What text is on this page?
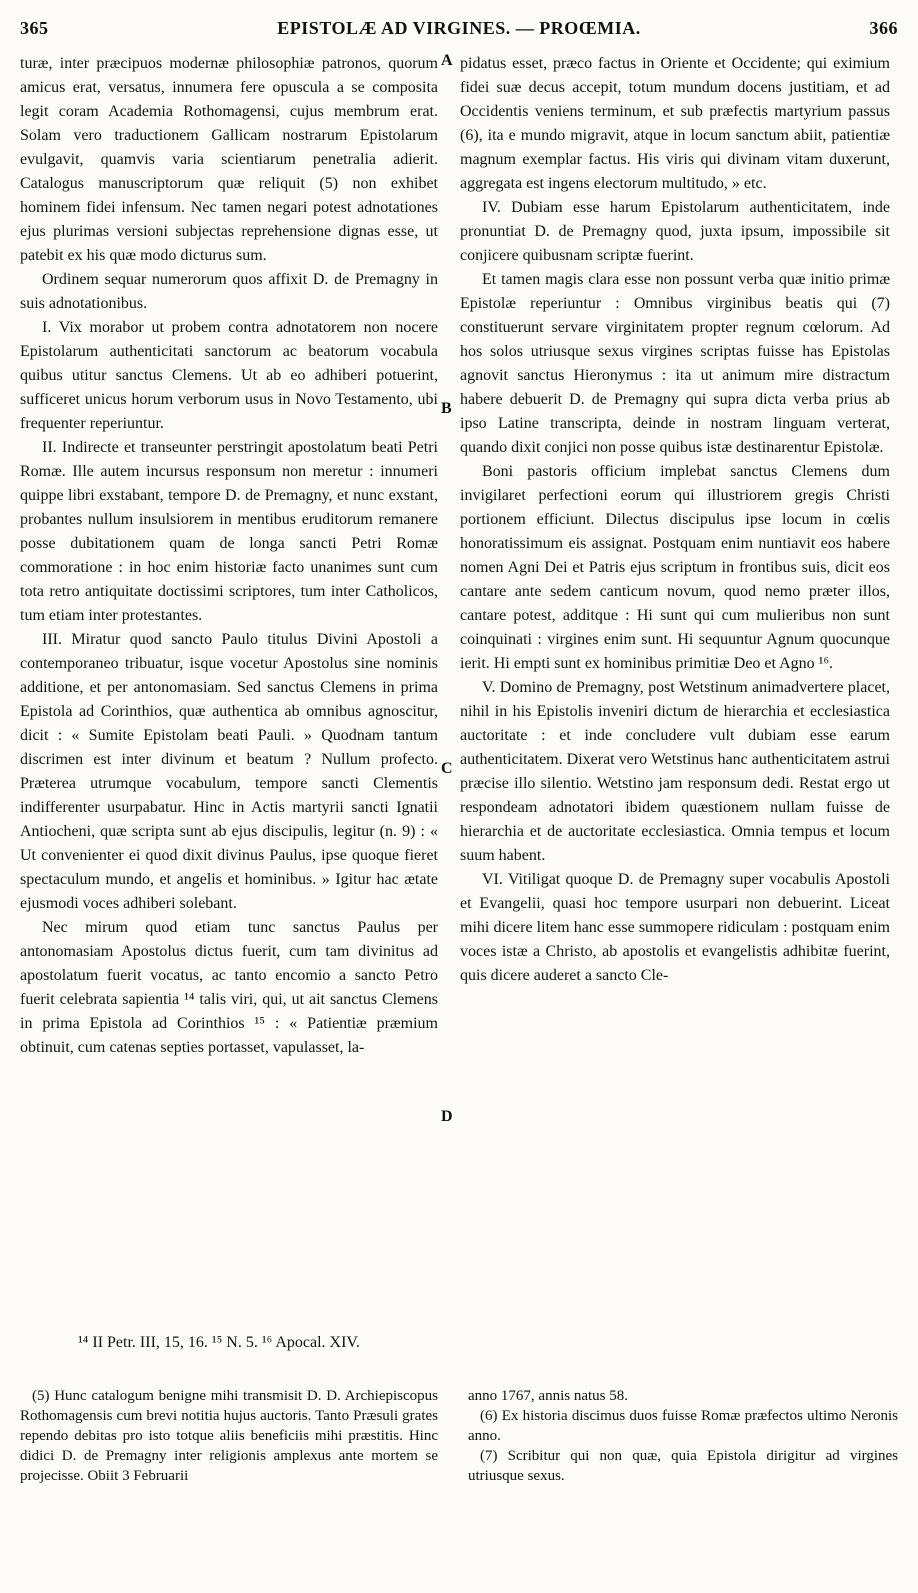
365	EPISTOLÆ AD VIRGINES. — PROŒMIA.	366

turæ, inter præcipuos modernæ philosophiæ patronos, quorum amicus erat, versatus, innumera fere opuscula a se composita legit coram Academia Rothomagensi, cujus membrum erat. Solam vero traductionem Gallicam nostrarum Epistolarum evulgavit, quamvis varia scientiarum penetralia adierit. Catalogus manuscriptorum quæ reliquit (5) non exhibet hominem fidei infensum. Nec tamen negari potest adnotationes ejus plurimas versioni subjectas reprehensione dignas esse, ut patebit ex his quæ modo dicturus sum.

Ordinem sequar numerorum quos affixit D. de Premagny in suis adnotationibus.

I. Vix morabor ut probem contra adnotatorem non nocere Epistolarum authenticitati sanctorum ac beatorum vocabula quibus utitur sanctus Clemens. Ut ab eo adhiberi potuerint, sufficeret unicus horum verborum usus in Novo Testamento, ubi frequenter reperiuntur.

II. Indirecte et transeunter perstringit apostolatum beati Petri Romæ. Ille autem incursus responsum non meretur : innumeri quippe libri exstabant, tempore D. de Premagny, et nunc exstant, probantes nullum insulsiorem in mentibus eruditorum remanere posse dubitationem quam de longa sancti Petri Romæ commoratione : in hoc enim historiæ facto unanimes sunt cum tota retro antiquitate doctissimi scriptores, tum inter Catholicos, tum etiam inter protestantes.

III. Miratur quod sancto Paulo titulus Divini Apostoli a contemporaneo tribuatur, isque vocetur Apostolus sine nominis additione, et per antonomasiam. Sed sanctus Clemens in prima Epistola ad Corinthios, quæ authentica ab omnibus agnoscitur, dicit : « Sumite Epistolam beati Pauli. » Quodnam tantum discrimen est inter divinum et beatum ? Nullum profecto. Præterea utrumque vocabulum, tempore sancti Clementis indifferenter usurpabatur. Hinc in Actis martyrii sancti Ignatii Antiocheni, quæ scripta sunt ab ejus discipulis, legitur (n. 9) : « Ut convenienter ei quod dixit divinus Paulus, ipse quoque fieret spectaculum mundo, et angelis et hominibus. » Igitur hac ætate ejusmodi voces adhiberi solebant.

Nec mirum quod etiam tunc sanctus Paulus per antonomasiam Apostolus dictus fuerit, cum tam divinitus ad apostolatum fuerit vocatus, ac tanto encomio a sancto Petro fuerit celebrata sapientia ¹⁴ talis viri, qui, ut ait sanctus Clemens in prima Epistola ad Corinthios ¹⁵ : « Patientiæ præmium obtinuit, cum catenas septies portasset, vapulasset, la-

pidatus esset, præco factus in Oriente et Occidente; qui eximium fidei suæ decus accepit, totum mundum docens justitiam, et ad Occidentis veniens terminum, et sub præfectis martyrium passus (6), ita e mundo migravit, atque in locum sanctum abiit, patientiæ magnum exemplar factus. His viris qui divinam vitam duxerunt, aggregata est ingens electorum multitudo, » etc.

IV. Dubiam esse harum Epistolarum authenticitatem, inde pronuntiat D. de Premagny quod, juxta ipsum, impossibile sit conjicere quibusnam scriptæ fuerint.

Et tamen magis clara esse non possunt verba quæ initio primæ Epistolæ reperiuntur : Omnibus virginibus beatis qui (7) constituerunt servare virginitatem propter regnum cœlorum. Ad hos solos utriusque sexus virgines scriptas fuisse has Epistolas agnovit sanctus Hieronymus : ita ut animum mire distractum habere debuerit D. de Premagny qui supra dicta verba prius ab ipso Latine transcripta, deinde in nostram linguam verterat, quando dixit conjici non posse quibus istæ destinarentur Epistolæ.

Boni pastoris officium implebat sanctus Clemens dum invigilaret perfectioni eorum qui illustriorem gregis Christi portionem efficiunt. Dilectus discipulus ipse locum in cœlis honoratissimum eis assignat. Postquam enim nuntiavit eos habere nomen Agni Dei et Patris ejus scriptum in frontibus suis, dicit eos cantare ante sedem canticum novum, quod nemo præter illos, cantare potest, additque : Hi sunt qui cum mulieribus non sunt coinquinati : virgines enim sunt. Hi sequuntur Agnum quocunque ierit. Hi empti sunt ex hominibus primitiæ Deo et Agno ¹⁶.

V. Domino de Premagny, post Wetstinum animadvertere placet, nihil in his Epistolis inveniri dictum de hierarchia et ecclesiastica auctoritate : et inde concludere vult dubiam esse earum authenticitatem. Dixerat vero Wetstinus hanc authenticitatem astrui præcise illo silentio. Wetstino jam responsum dedi. Restat ergo ut respondeam adnotatori ibidem quæstionem nullam fuisse de hierarchia et de auctoritate ecclesiastica. Omnia tempus et locum suum habent.

VI. Vitiligat quoque D. de Premagny super vocabulis Apostoli et Evangelii, quasi hoc tempore usurpari non debuerint. Liceat mihi dicere litem hanc esse summopere ridiculam : postquam enim voces istæ a Christo, ab apostolis et evangelistis adhibitæ fuerint, quis dicere auderet a sancto Cle-

A
B
C
D
¹⁴ II Petr. III, 15, 16. ¹⁵ N. 5. ¹⁶ Apocal. XIV.

(5) Hunc catalogum benigne mihi transmisit D. D. Archiepiscopus Rothomagensis cum brevi notitia hujus auctoris. Tanto Præsuli grates rependo debitas pro isto totque aliis beneficiis mihi præstitis. Hinc didici D. de Premagny inter religionis amplexus ante mortem se projecisse. Obiit 3 Februarii

anno 1767, annis natus 58.

(6) Ex historia discimus duos fuisse Romæ præfectos ultimo Neronis anno.

(7) Scribitur qui non quæ, quia Epistola dirigitur ad virgines utriusque sexus.
